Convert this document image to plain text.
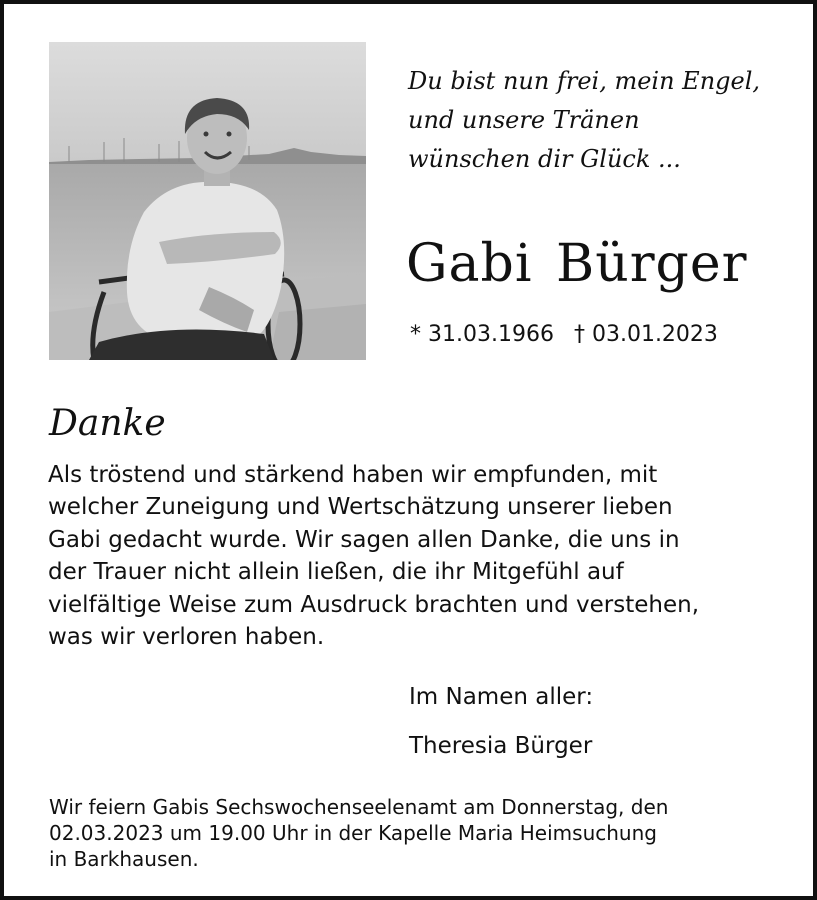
Du bist nun frei, mein Engel,
und unsere Tränen
wünschen dir Glück ...
Gabi Bürger
* 31.03.1966 † 03.01.2023
Danke
Als tröstend und stärkend haben wir empfunden, mit
welcher Zuneigung und Wertschätzung unserer lieben
Gabi gedacht wurde. Wir sagen allen Danke, die uns in
der Trauer nicht allein ließen, die ihr Mitgefühl auf
vielfältige Weise zum Ausdruck brachten und verstehen,
was wir verloren haben.
Im Namen aller:
Theresia Bürger
Wir feiern Gabis Sechswochenseelenamt am Donnerstag, den
02.03.2023 um 19.00 Uhr in der Kapelle Maria Heimsuchung
in Barkhausen.
